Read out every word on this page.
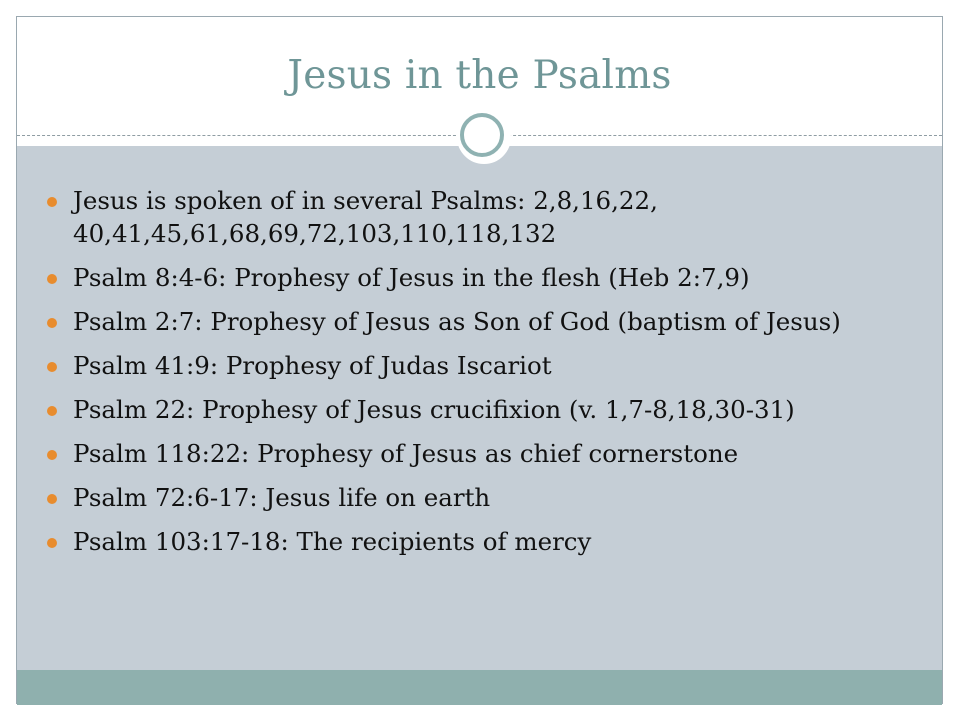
Jesus in the Psalms
Jesus is spoken of in several Psalms: 2,8,16,22, 40,41,45,61,68,69,72,103,110,118,132
Psalm 8:4-6: Prophesy of Jesus in the flesh (Heb 2:7,9)
Psalm 2:7: Prophesy of Jesus as Son of God (baptism of Jesus)
Psalm 41:9: Prophesy of Judas Iscariot
Psalm 22: Prophesy of Jesus crucifixion (v. 1,7-8,18,30-31)
Psalm 118:22: Prophesy of Jesus as chief cornerstone
Psalm 72:6-17: Jesus life on earth
Psalm 103:17-18: The recipients of mercy
